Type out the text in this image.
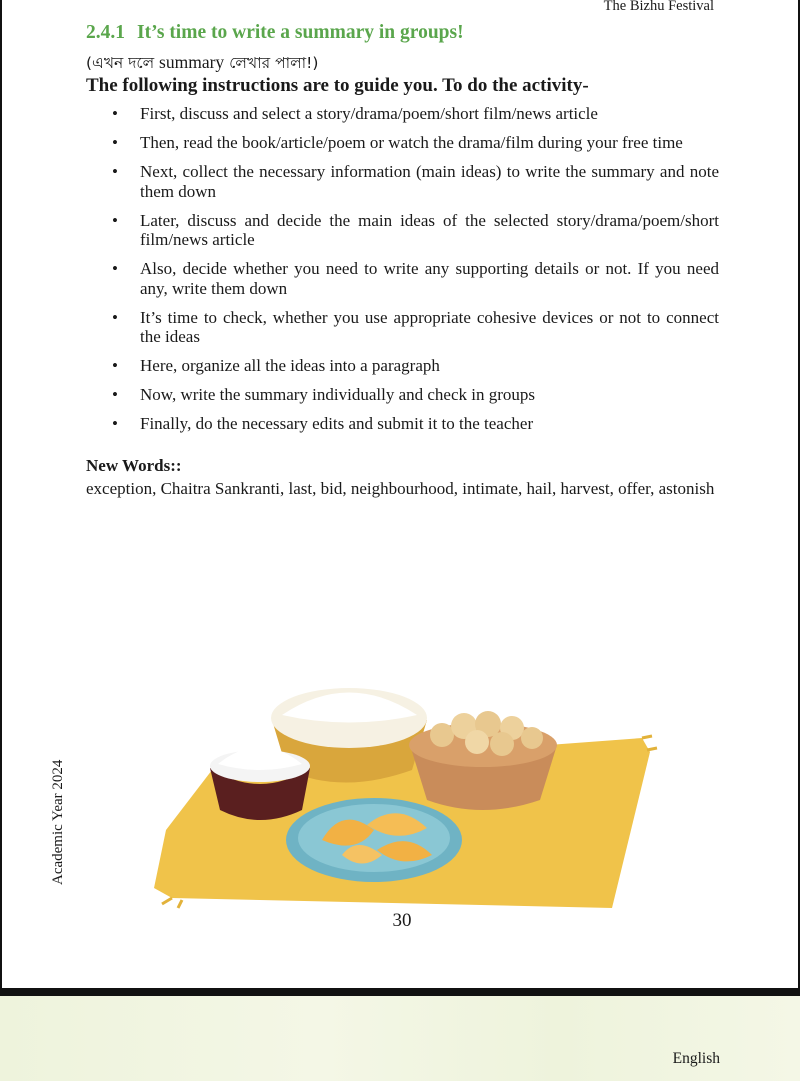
The Bizhu Festival
2.4.1 It’s time to write a summary in groups!
(এখন দলে summary লেখার পালা!)
The following instructions are to guide you. To do the activity-
• First, discuss and select a story/drama/poem/short film/news article
• Then, read the book/article/poem or watch the drama/film during your free time
• Next, collect the necessary information (main ideas) to write the summary and note them down
• Later, discuss and decide the main ideas of the selected story/drama/poem/short film/news article
• Also, decide whether you need to write any supporting details or not. If you need any, write them down
• It’s time to check, whether you use appropriate cohesive devices or not to connect the ideas
• Here, organize all the ideas into a paragraph
• Now, write the summary individually and check in groups
• Finally, do the necessary edits and submit it to the teacher
New Words::
exception, Chaitra Sankranti, last, bid, neighbourhood, intimate, hail, harvest, offer, astonish
Academic Year 2024
30
English
